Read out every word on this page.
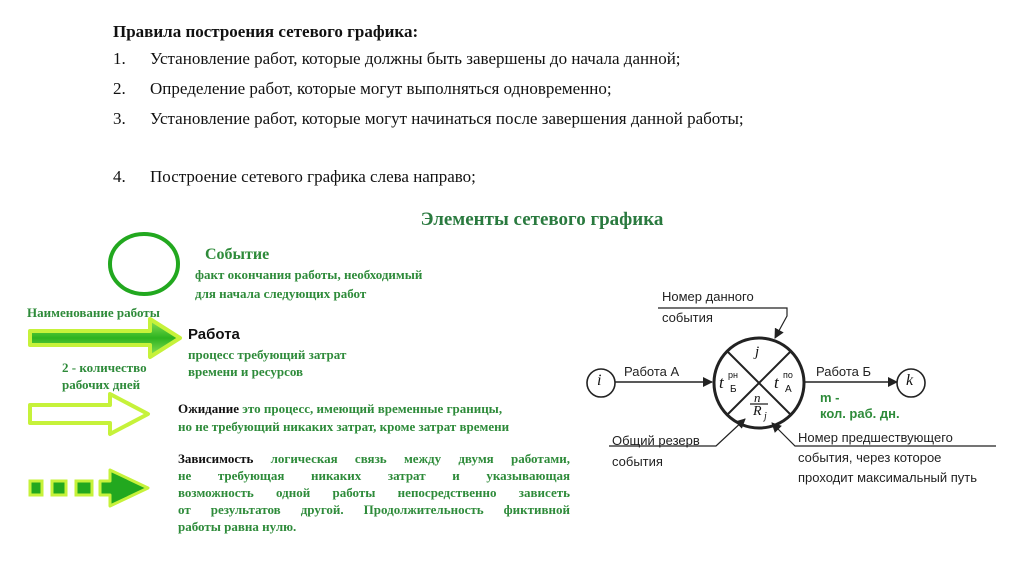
Правила построения сетевого графика:
1. Установление работ, которые должны быть завершены до начала данной;
2. Определение работ, которые могут выполняться одновременно;
3. Установление работ, которые могут начинаться после завершения данной работы;
4. Построение сетевого графика слева направо;
Элементы сетевого графика
Событие
факт окончания работы, необходимый
для начала следующих работ
Наименование работы
Работа
процесс требующий затрат
времени и ресурсов
2 - количество
рабочих дней
Ожидание это процесс, имеющий временные границы,
но не требующий никаких затрат, кроме затрат времени
Зависимость логическая связь между двумя работами,
не требующая никаких затрат и указывающая
возможность одной работы непосредственно зависеть
от результатов другой. Продолжительность фиктивной
работы равна нулю.
Номер данного
события
i	k
Работа А	Работа Б
j
t рн
Б t по
А
n
R j
m -
кол. раб. дн.
Общий резерв
события
Номер предшествующего
события, через которое
проходит максимальный путь
